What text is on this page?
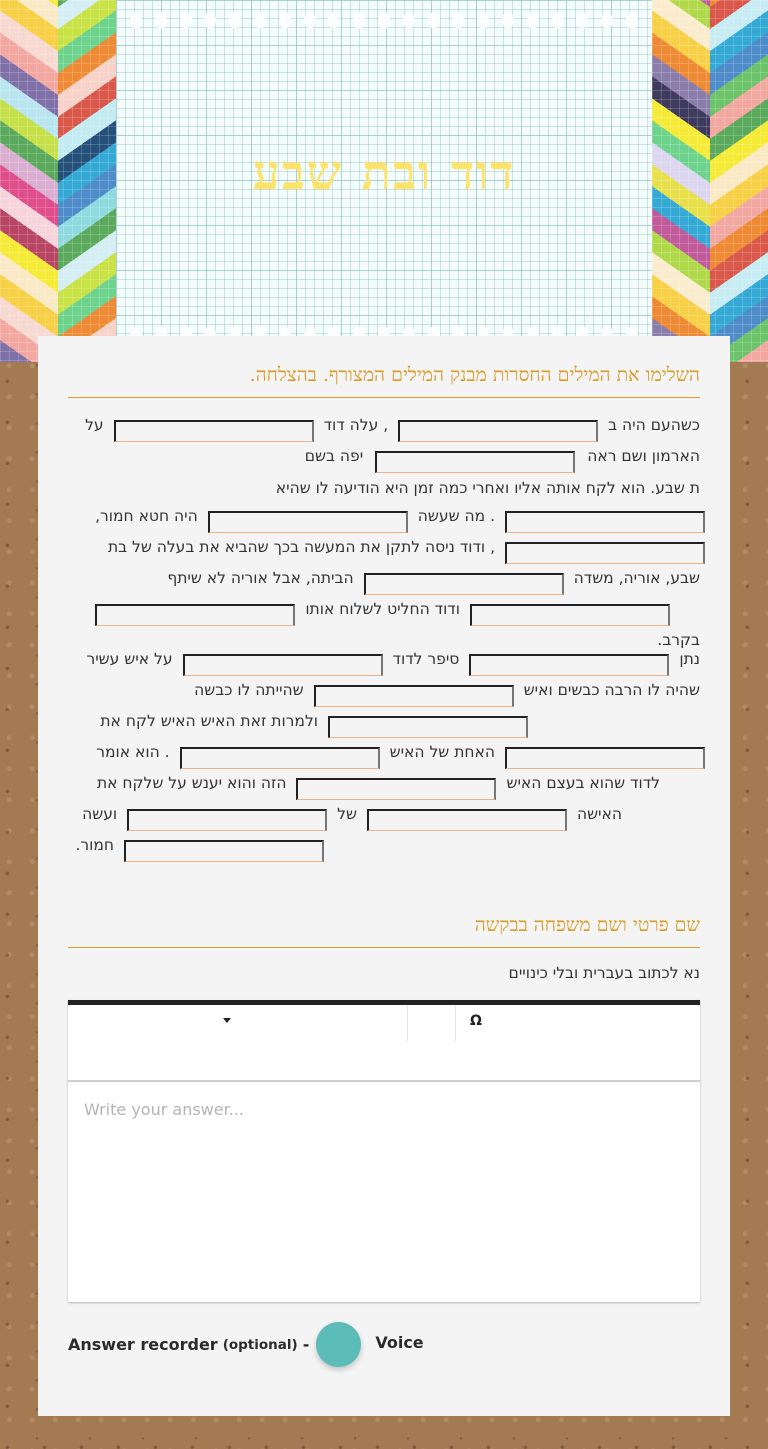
דוד ובת שבע
השלימו את המילים החסרות מבנק המילים המצורף. בהצלחה.
כשהעם היה ב, עלה דודעל הארמון ושם ראהיפה בשם
ת שבע. הוא לקח אותה אליו ואחרי כמה זמן היא הודיעה לו שהיא
. מה שעשההיה חטא חמור,
, ודוד ניסה לתקן את המעשה בכך שהביא את בעלה של בת
שבע, אוריה, משדההביתה, אבל אוריה לא שיתף
ודוד החליט לשלוח אותו
בקרב.
נתןסיפר לדודעל איש עשיר
שהיה לו הרבה כבשים ואיששהייתה לו כבשה
ולמרות זאת האיש האיש לקח את
האחת של האיש. הוא אומר
לדוד שהוא בעצם האישהזה והוא יענש על שלקח את
האישהשלועשה
חמור.
שם פרטי ושם משפחה בבקשה
נא לכתוב בעברית ובלי כינויים
Ω
Write your answer...
Answer recorder (optional) -	Voice
